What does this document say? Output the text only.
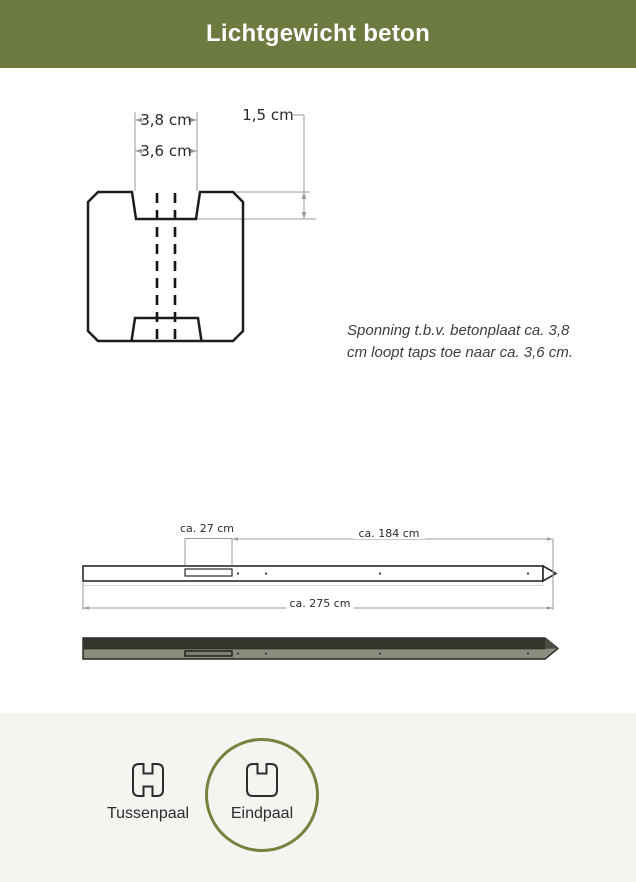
Lichtgewicht beton
3,8 cm
3,6 cm
1,5 cm

Sponning t.b.v. betonplaat ca. 3,8
cm loopt taps toe naar ca. 3,6 cm.

ca. 27 cm	ca. 184 cm
ca. 275 cm
Tussenpaal	Eindpaal
